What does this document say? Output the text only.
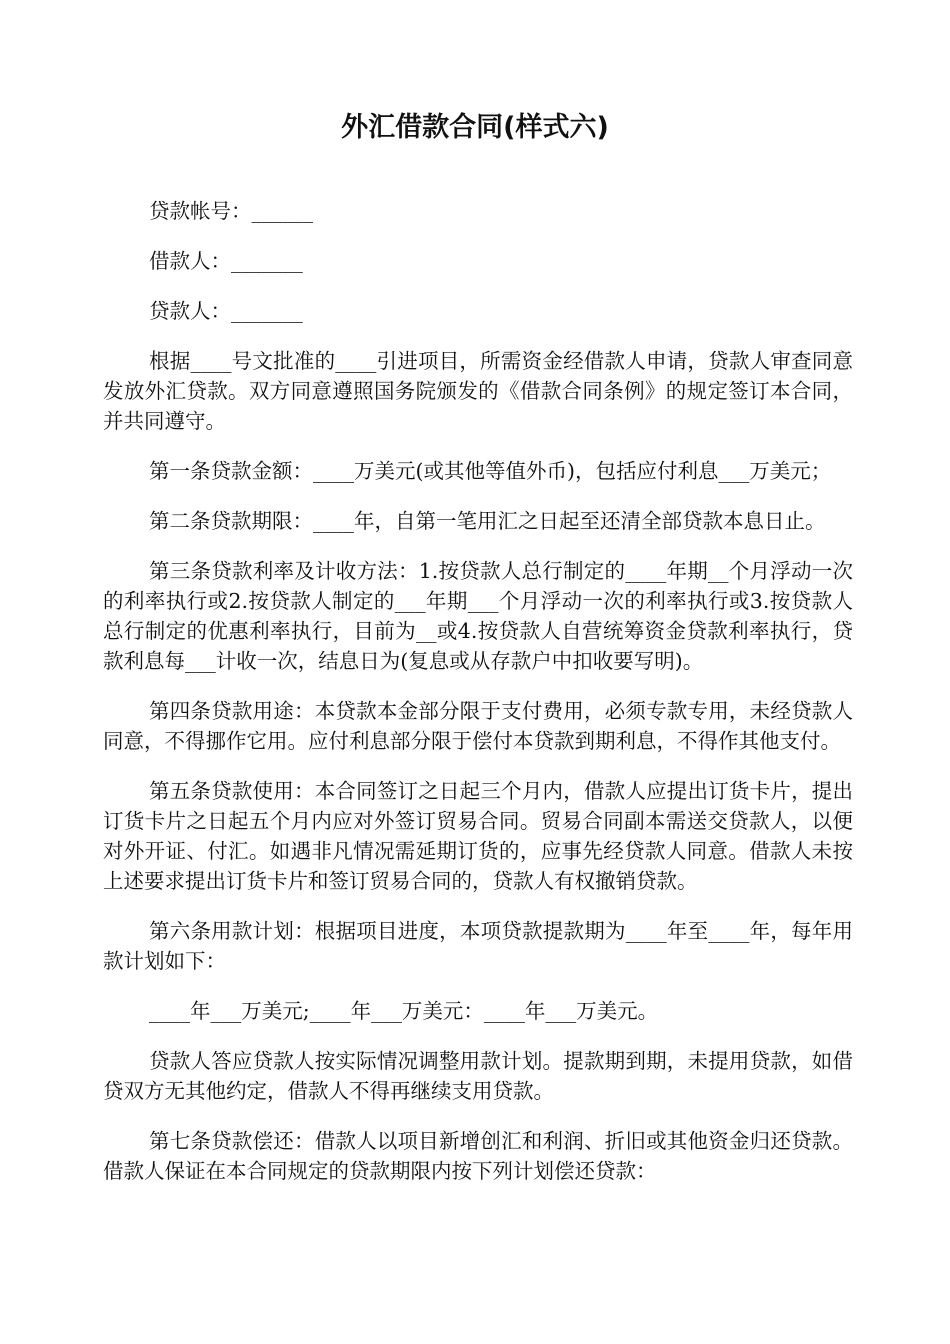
外汇借款合同(样式六)

贷款帐号：______

借款人：_______

贷款人：_______

根据____号文批准的____引进项目，所需资金经借款人申请，贷款人审查同意发放外汇贷款。双方同意遵照国务院颁发的《借款合同条例》的规定签订本合同，并共同遵守。

第一条贷款金额：____万美元(或其他等值外币)，包括应付利息___万美元；

第二条贷款期限：____年，自第一笔用汇之日起至还清全部贷款本息日止。

第三条贷款利率及计收方法：1.按贷款人总行制定的____年期__个月浮动一次的利率执行或2.按贷款人制定的___年期___个月浮动一次的利率执行或3.按贷款人总行制定的优惠利率执行，目前为__或4.按贷款人自营统筹资金贷款利率执行，贷款利息每___计收一次，结息日为(复息或从存款户中扣收要写明)。

第四条贷款用途：本贷款本金部分限于支付费用，必须专款专用，未经贷款人同意，不得挪作它用。应付利息部分限于偿付本贷款到期利息，不得作其他支付。

第五条贷款使用：本合同签订之日起三个月内，借款人应提出订货卡片，提出订货卡片之日起五个月内应对外签订贸易合同。贸易合同副本需送交贷款人，以便对外开证、付汇。如遇非凡情况需延期订货的，应事先经贷款人同意。借款人未按上述要求提出订货卡片和签订贸易合同的，贷款人有权撤销贷款。

第六条用款计划：根据项目进度，本项贷款提款期为____年至____年，每年用款计划如下：

____年___万美元;____年___万美元：____年___万美元。

贷款人答应贷款人按实际情况调整用款计划。提款期到期，未提用贷款，如借贷双方无其他约定，借款人不得再继续支用贷款。

第七条贷款偿还：借款人以项目新增创汇和利润、折旧或其他资金归还贷款。借款人保证在本合同规定的贷款期限内按下列计划偿还贷款：
